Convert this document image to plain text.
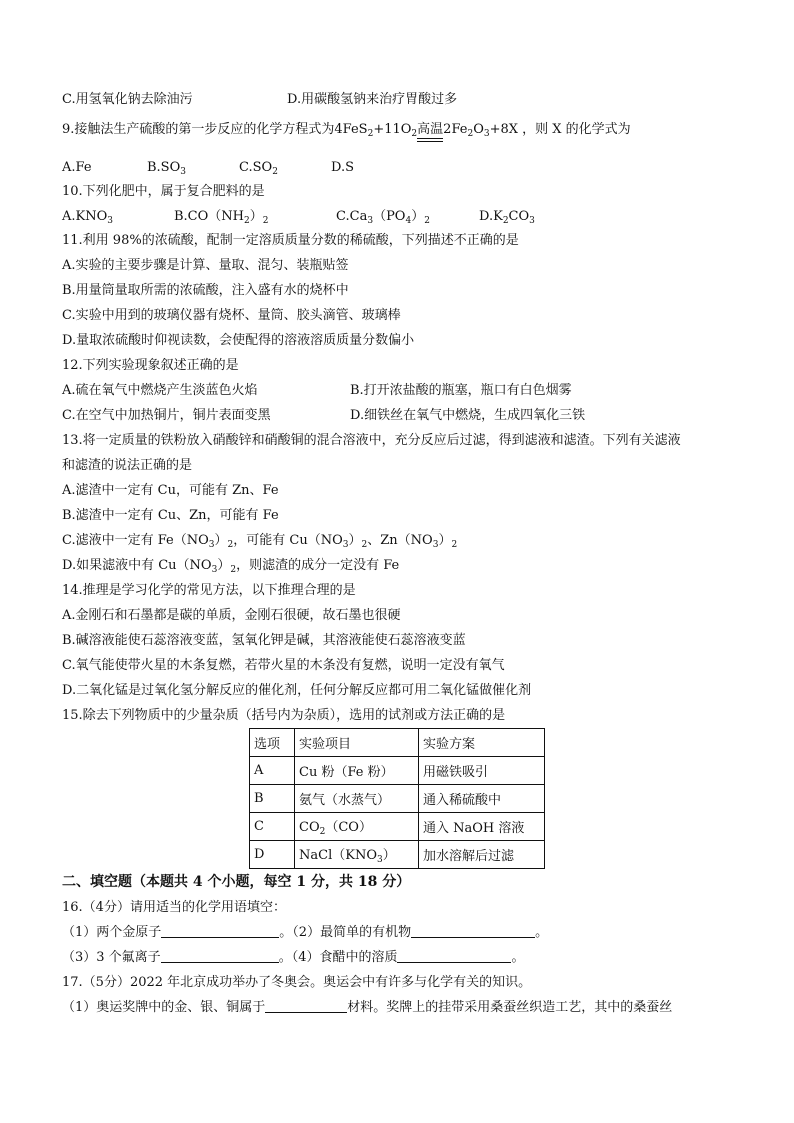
C.用氢氧化钠去除油污	D.用碳酸氢钠来治疗胃酸过多
9.接触法生产硫酸的第一步反应的化学方程式为$4FeS_2+11O_2$高温$2Fe_2O_3+8X$ ，则 X 的化学式为
A.Fe	$B.SO_3$	$C.SO_2$	D.S
10.下列化肥中，属于复合肥料的是
$A.KNO_3$	$B.CO(NH_2)_2$	$C.Ca_3(PO_4)_2$	$D.K_2CO_3$
11.利用 98%的浓硫酸，配制一定溶质质量分数的稀硫酸，下列描述不正确的是
A.实验的主要步骤是计算、量取、混匀、装瓶贴签
B.用量筒量取所需的浓硫酸，注入盛有水的烧杯中
C.实验中用到的玻璃仪器有烧杯、量筒、胶头滴管、玻璃棒
D.量取浓硫酸时仰视读数，会使配得的溶液溶质质量分数偏小
12.下列实验现象叙述正确的是
A.硫在氧气中燃烧产生淡蓝色火焰	B.打开浓盐酸的瓶塞，瓶口有白色烟雾
C.在空气中加热铜片，铜片表面变黑	D.细铁丝在氧气中燃烧，生成四氧化三铁
13.将一定质量的铁粉放入硝酸锌和硝酸铜的混合溶液中，充分反应后过滤，得到滤液和滤渣。下列有关滤液
和滤渣的说法正确的是
A.滤渣中一定有 Cu，可能有 Zn、Fe
B.滤渣中一定有 Cu、Zn，可能有 Fe
C.滤液中一定有 $Fe(NO_3)_2$，可能有 $Cu(NO_3)_2$、$Zn(NO_3)_2$
D.如果滤液中有 $Cu(NO_3)_2$，则滤渣的成分一定没有 Fe
14.推理是学习化学的常见方法，以下推理合理的是
A.金刚石和石墨都是碳的单质，金刚石很硬，故石墨也很硬
B.碱溶液能使石蕊溶液变蓝，氢氧化钾是碱，其溶液能使石蕊溶液变蓝
C.氧气能使带火星的木条复燃，若带火星的木条没有复燃，说明一定没有氧气
D.二氧化锰是过氧化氢分解反应的催化剂，任何分解反应都可用二氧化锰做催化剂
15.除去下列物质中的少量杂质（括号内为杂质），选用的试剂或方法正确的是
选项	实验项目	实验方案
A	Cu 粉（Fe 粉）	用磁铁吸引
B	氨气（水蒸气）	通入稀硫酸中
C	$CO_2(CO)$	通入 NaOH 溶液
D	$NaCl(KNO_3)$	加水溶解后过滤
二、填空题（本题共 4 个小题，每空 1 分，共 18 分）
16.（4分）请用适当的化学用语填空：
（1）两个金原子	。（2）最简单的有机物	。
（3）3 个氟离子	。（4）食醋中的溶质	。
17.（5分）2022 年北京成功举办了冬奥会。奥运会中有许多与化学有关的知识。
（1）奥运奖牌中的金、银、铜属于	材料。奖牌上的挂带采用桑蚕丝织造工艺，其中的桑蚕丝
